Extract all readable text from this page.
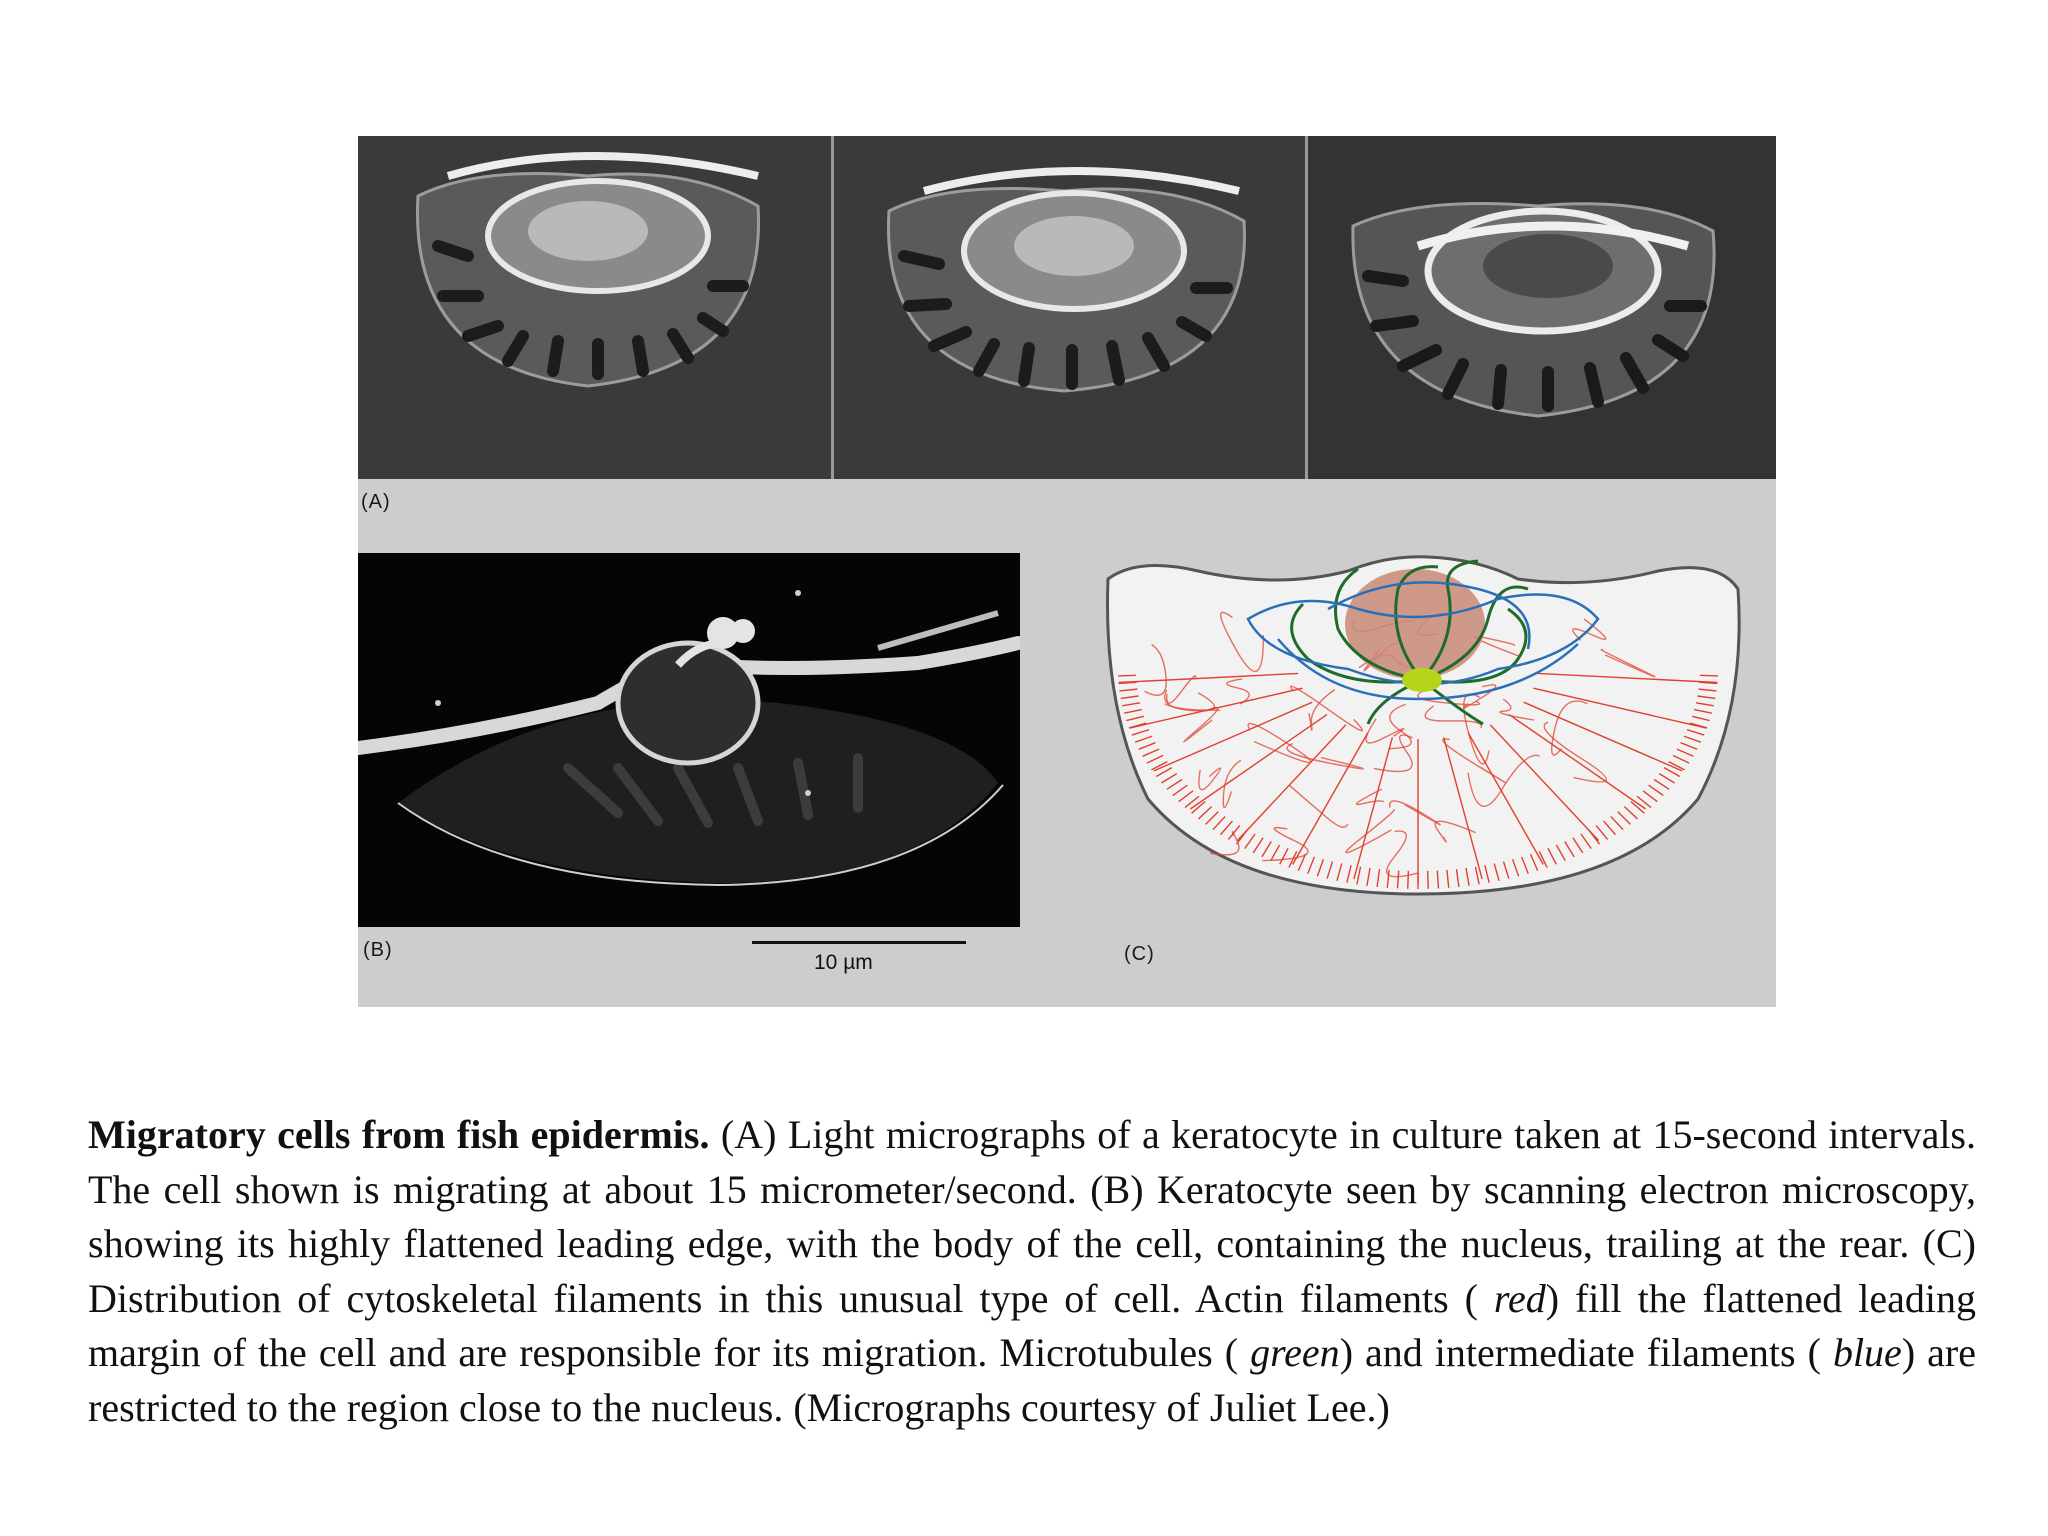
(A)
(B)
10 µm	(C)

Migratory cells from fish epidermis. (A) Light micrographs of a keratocyte in culture taken at 15-second intervals. The cell shown is migrating at about 15 micrometer/second. (B) Keratocyte seen by scanning electron microscopy, showing its highly flattened leading edge, with the body of the cell, containing the nucleus, trailing at the rear. (C) Distribution of cytoskeletal filaments in this unusual type of cell. Actin filaments ( red) fill the flattened leading margin of the cell and are responsible for its migration. Microtubules ( green) and intermediate filaments ( blue) are restricted to the region close to the nucleus. (Micrographs courtesy of Juliet Lee.)
